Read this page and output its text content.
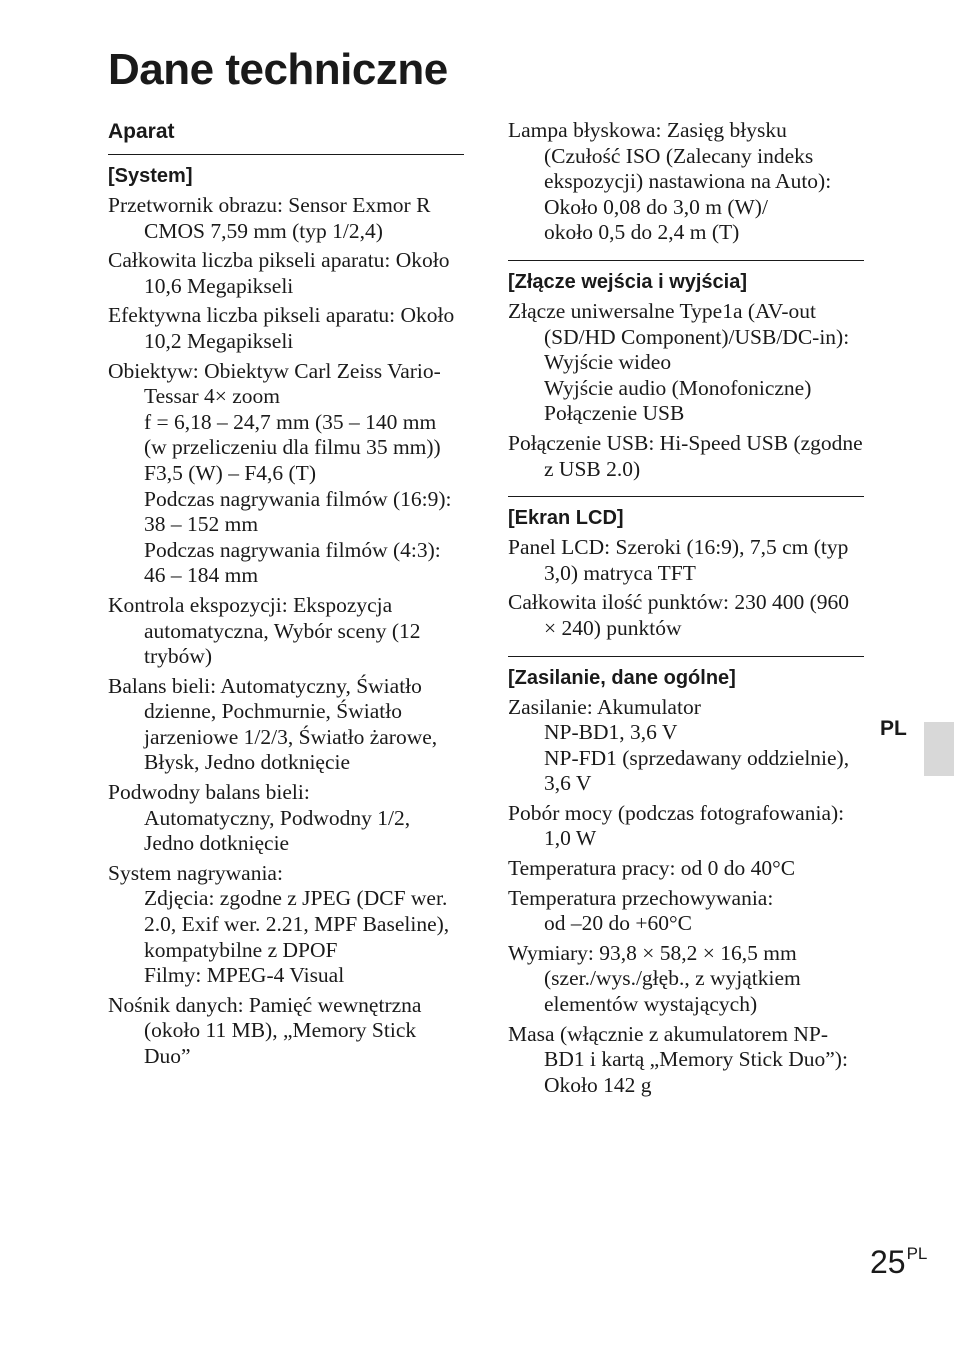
Dane techniczne
Aparat
[System]

Przetwornik obrazu: Sensor Exmor R CMOS 7,59 mm (typ 1/2,4)

Całkowita liczba pikseli aparatu: Około 10,6 Megapikseli

Efektywna liczba pikseli aparatu: Około 10,2 Megapikseli

Obiektyw: Obiektyw Carl Zeiss Vario-Tessar 4× zoom
f = 6,18 – 24,7 mm (35 – 140 mm (w przeliczeniu dla filmu 35 mm))
F3,5 (W) – F4,6 (T)
Podczas nagrywania filmów (16:9):
38 – 152 mm
Podczas nagrywania filmów (4:3):
46 – 184 mm

Kontrola ekspozycji: Ekspozycja automatyczna, Wybór sceny (12 trybów)

Balans bieli: Automatyczny, Światło dzienne, Pochmurnie, Światło jarzeniowe 1/2/3, Światło żarowe, Błysk, Jedno dotknięcie

Podwodny balans bieli:
Automatyczny, Podwodny 1/2, Jedno dotknięcie

System nagrywania:
Zdjęcia: zgodne z JPEG (DCF wer. 2.0, Exif wer. 2.21, MPF Baseline), kompatybilne z DPOF
Filmy: MPEG-4 Visual

Nośnik danych: Pamięć wewnętrzna (około 11 MB), „Memory Stick Duo”

Lampa błyskowa: Zasięg błysku (Czułość ISO (Zalecany indeks ekspozycji) nastawiona na Auto):
Około 0,08 do 3,0 m (W)/
około 0,5 do 2,4 m (T)

[Złącze wejścia i wyjścia]

Złącze uniwersalne Type1a (AV-out (SD/HD Component)/USB/DC-in):
Wyjście wideo
Wyjście audio (Monofoniczne)
Połączenie USB

Połączenie USB: Hi-Speed USB (zgodne z USB 2.0)

[Ekran LCD]

Panel LCD: Szeroki (16:9), 7,5 cm (typ 3,0) matryca TFT

Całkowita ilość punktów: 230 400 (960 × 240) punktów

[Zasilanie, dane ogólne]

Zasilanie: Akumulator
NP-BD1, 3,6 V
NP-FD1 (sprzedawany oddzielnie), 3,6 V

Pobór mocy (podczas fotografowania): 1,0 W

Temperatura pracy: od 0 do 40°C

Temperatura przechowywania:
od –20 do +60°C

Wymiary: 93,8 × 58,2 × 16,5 mm (szer./wys./głęb., z wyjątkiem elementów wystających)

Masa (włącznie z akumulatorem NP-BD1 i kartą „Memory Stick Duo”): Około 142 g

PL
$25^{PL}$
